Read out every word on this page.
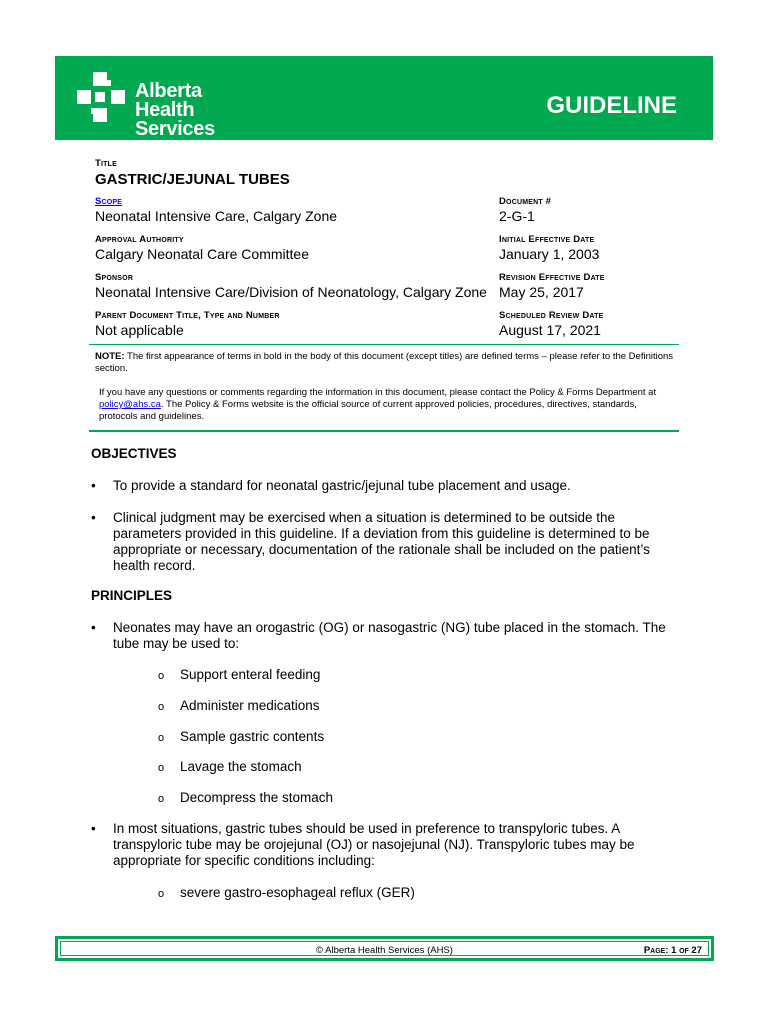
Alberta Health
Services
GUIDELINE
Title
GASTRIC/JEJUNAL TUBES
Scope
Neonatal Intensive Care, Calgary Zone
Document #
2-G-1
Approval Authority
Calgary Neonatal Care Committee
Initial Effective Date
January 1, 2003
Sponsor
Neonatal Intensive Care/Division of Neonatology, Calgary Zone
Revision Effective Date
May 25, 2017
Parent Document Title, Type and Number
Not applicable
Scheduled Review Date
August 17, 2021
NOTE: The first appearance of terms in bold in the body of this document (except titles) are defined terms – please refer to the Definitions section.
If you have any questions or comments regarding the information in this document, please contact the Policy & Forms Department at policy@ahs.ca. The Policy & Forms website is the official source of current approved policies, procedures, directives, standards, protocols and guidelines.
OBJECTIVES
• To provide a standard for neonatal gastric/jejunal tube placement and usage.
• Clinical judgment may be exercised when a situation is determined to be outside the parameters provided in this guideline. If a deviation from this guideline is determined to be appropriate or necessary, documentation of the rationale shall be included on the patient’s health record.
PRINCIPLES
• Neonates may have an orogastric (OG) or nasogastric (NG) tube placed in the stomach. The tube may be used to:
o Support enteral feeding
o Administer medications
o Sample gastric contents
o Lavage the stomach
o Decompress the stomach
• In most situations, gastric tubes should be used in preference to transpyloric tubes. A transpyloric tube may be orojejunal (OJ) or nasojejunal (NJ). Transpyloric tubes may be appropriate for specific conditions including:
o severe gastro-esophageal reflux (GER)
© Alberta Health Services (AHS)	Page: 1 of 27
